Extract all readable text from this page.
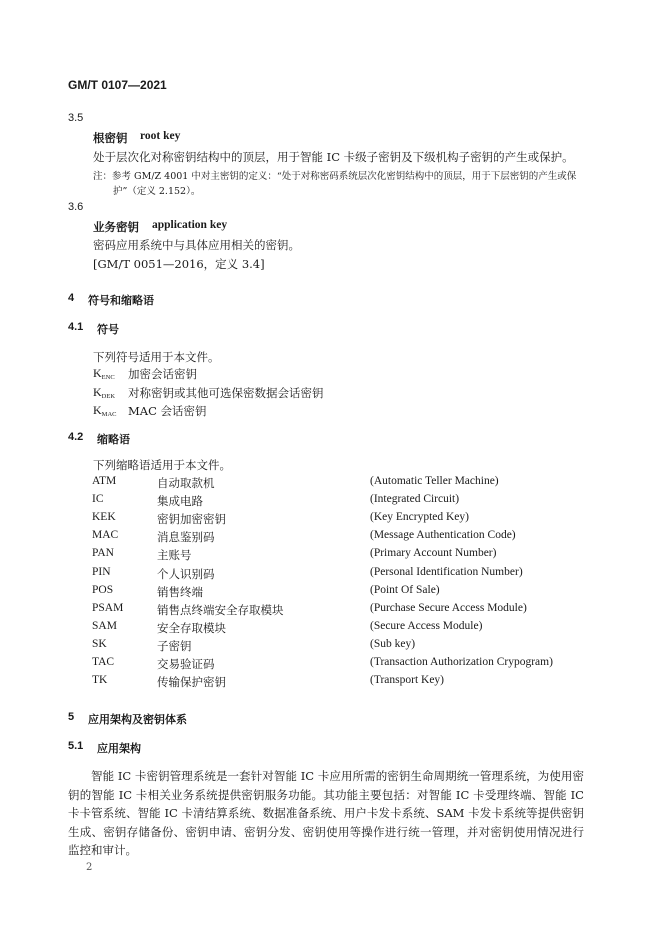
GM/T 0107—2021
3.5
根密钥 root key
处于层次化对称密钥结构中的顶层，用于智能 IC 卡级子密钥及下级机构子密钥的产生或保护。
注：参考 GM/Z 4001 中对主密钥的定义：“处于对称密码系统层次化密钥结构中的顶层，用于下层密钥的产生或保
护”（定义 2.152）。
3.6
业务密钥 application key
密码应用系统中与具体应用相关的密钥。
[GM/T 0051—2016，定义 3.4]
4 符号和缩略语
4.1 符号
下列符号适用于本文件。
$K_{ENC}$ 加密会话密钥
$K_{DEK}$ 对称密钥或其他可选保密数据会话密钥
$K_{MAC}$ MAC 会话密钥
4.2 缩略语
下列缩略语适用于本文件。
ATM	自动取款机	(Automatic Teller Machine)
IC	集成电路	(Integrated Circuit)
KEK	密钥加密密钥	(Key Encrypted Key)
MAC	消息鉴别码	(Message Authentication Code)
PAN	主账号	(Primary Account Number)
PIN	个人识别码	(Personal Identification Number)
POS	销售终端	(Point Of Sale)
PSAM	销售点终端安全存取模块	(Purchase Secure Access Module)
SAM	安全存取模块	(Secure Access Module)
SK	子密钥	(Sub key)
TAC	交易验证码	(Transaction Authorization Crypogram)
TK	传输保护密钥	(Transport Key)
5 应用架构及密钥体系
5.1 应用架构
智能 IC 卡密钥管理系统是一套针对智能 IC 卡应用所需的密钥生命周期统一管理系统，为使用密钥的智能 IC 卡相关业务系统提供密钥服务功能。其功能主要包括：对智能 IC 卡受理终端、智能 IC 卡卡管系统、智能 IC 卡清结算系统、数据准备系统、用户卡发卡系统、SAM 卡发卡系统等提供密钥生成、密钥存储备份、密钥申请、密钥分发、密钥使用等操作进行统一管理，并对密钥使用情况进行监控和审计。
2
